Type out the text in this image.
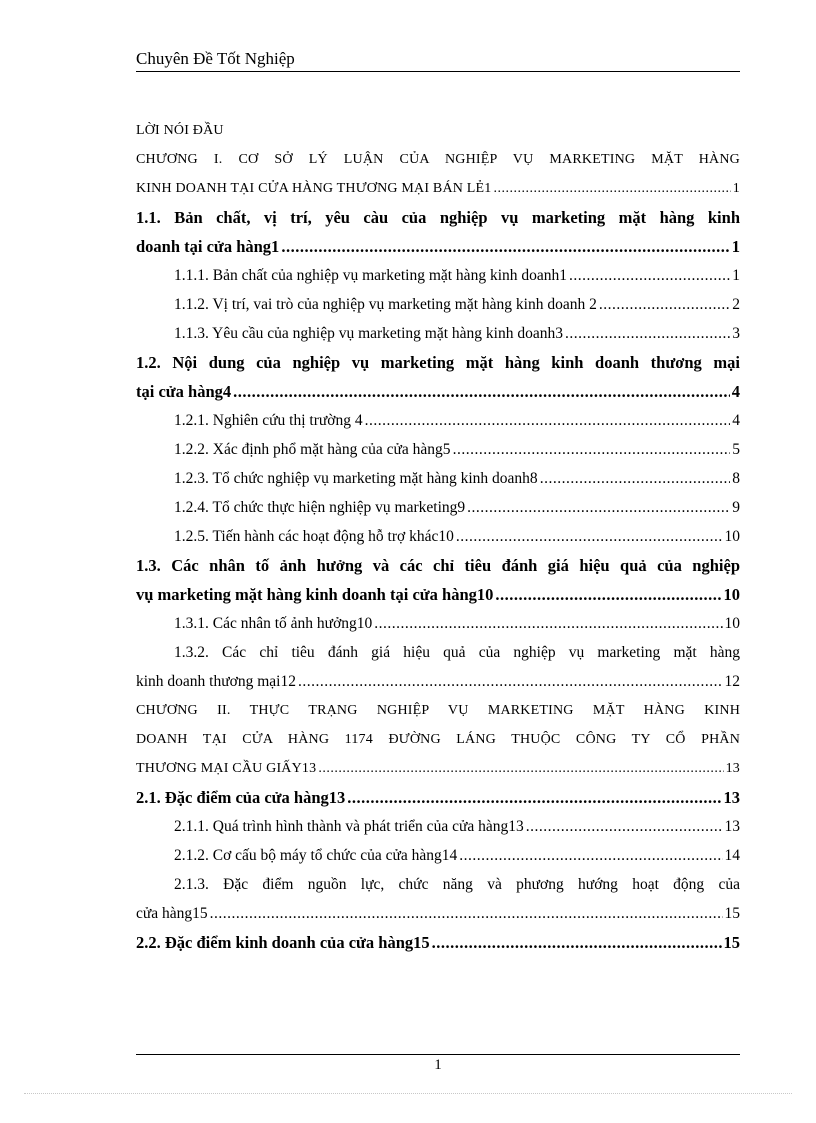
Chuyên Đề Tốt Nghiệp
LỜI NÓI ĐẦU
CHƯƠNG I. CƠ SỞ LÝ LUẬN CỦA NGHIỆP VỤ MARKETING MẶT HÀNG
KINH DOANH TẠI CỬA HÀNG THƯƠNG MẠI BÁN LẺ1 .....	1
1.1. Bản chất, vị trí, yêu càu của nghiệp vụ marketing mặt hàng kinh
doanh tại cửa hàng1 .....	1
1.1.1. Bản chất của nghiệp vụ marketing mặt hàng kinh doanh1 .....	1
1.1.2. Vị trí, vai trò của nghiệp vụ marketing mặt hàng kinh doanh 2 .....	2
1.1.3. Yêu cầu của nghiệp vụ marketing mặt hàng kinh doanh3 .....	3
1.2. Nội dung của nghiệp vụ marketing mặt hàng kinh doanh thương mại
tại cửa hàng4 .....	4
1.2.1. Nghiên cứu thị trường 4 .....	4
1.2.2. Xác định phổ mặt hàng của cửa hàng5 .....	5
1.2.3. Tổ chức nghiệp vụ marketing mặt hàng kinh doanh8 .....	8
1.2.4. Tổ chức thực hiện nghiệp vụ marketing9 .....	9
1.2.5. Tiến hành các hoạt động hỗ trợ khác10 .....	10
1.3. Các nhân tố ảnh hưởng và các chỉ tiêu đánh giá hiệu quả của nghiệp
vụ marketing mặt hàng kinh doanh tại cửa hàng10 .....	10
1.3.1. Các nhân tố ảnh hưởng10 .....	10
1.3.2. Các chỉ tiêu đánh giá hiệu quả của nghiệp vụ marketing mặt hàng
kinh doanh thương mại12 .....	12
CHƯƠNG II. THỰC TRẠNG NGHIỆP VỤ MARKETING MẶT HÀNG KINH
DOANH TẠI CỬA HÀNG 1174 ĐƯỜNG LÁNG THUỘC CÔNG TY CỔ PHẦN
THƯƠNG MẠI CẦU GIẤY13 .....	13
2.1. Đặc điểm của cửa hàng13 .....	13
2.1.1. Quá trình hình thành và phát triển của cửa hàng13 .....	13
2.1.2. Cơ cấu bộ máy tổ chức của cửa hàng14 .....	14
2.1.3. Đặc điểm nguồn lực, chức năng và phương hướng hoạt động của
cửa hàng15 .....	15
2.2. Đặc điểm kinh doanh của cửa hàng15 .....	15
1
